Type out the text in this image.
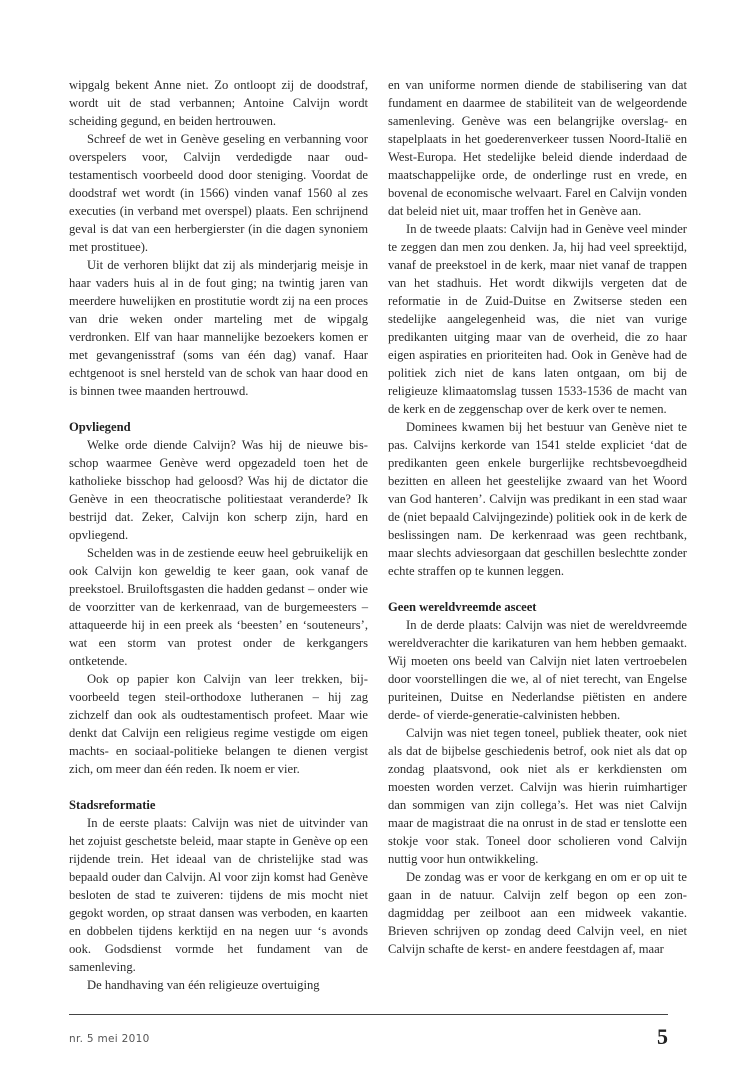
wipgalg bekent Anne niet. Zo ontloopt zij de doodstraf, wordt uit de stad verbannen; Antoine Calvijn wordt scheiding gegund, en beiden hertrouwen.

Schreef de wet in Genève geseling en verbanning voor overspelers voor, Calvijn verdedigde naar oudtestamentisch voorbeeld dood door steniging. Voordat de doodstraf wet wordt (in 1566) vinden vanaf 1560 al zes executies (in verband met overspel) plaats. Een schrijnend geval is dat van een herbergierster (in die dagen synoniem met prostituee).

Uit de verhoren blijkt dat zij als minderjarig meisje in haar vaders huis al in de fout ging; na twintig jaren van meerdere huwelijken en prostitutie wordt zij na een proces van drie weken onder marteling met de wipgalg verdronken. Elf van haar mannelijke bezoekers komen er met gevangenisstraf (soms van één dag) vanaf. Haar echtgenoot is snel hersteld van de schok van haar dood en is binnen twee maanden hertrouwd.

Opvliegend

Welke orde diende Calvijn? Was hij de nieuwe bisschop waarmee Genève werd opgezadeld toen het de katholieke bisschop had geloosd? Was hij de dictator die Genève in een theocratische politiestaat veranderde? Ik bestrijd dat. Zeker, Calvijn kon scherp zijn, hard en opvliegend.

Schelden was in de zestiende eeuw heel gebruikelijk en ook Calvijn kon geweldig te keer gaan, ook vanaf de preekstoel. Bruiloftsgasten die hadden gedanst – onder wie de voorzitter van de kerkenraad, van de burgemeesters – attaqueerde hij in een preek als ‘beesten’ en ‘souteneurs’, wat een storm van protest onder de kerkgangers ontketende.

Ook op papier kon Calvijn van leer trekken, bijvoorbeeld tegen steil-orthodoxe lutheranen – hij zag zichzelf dan ook als oudtestamentisch profeet. Maar wie denkt dat Calvijn een religieus regime vestigde om eigen machts- en sociaal-politieke belangen te dienen vergist zich, om meer dan één reden. Ik noem er vier.

Stadsreformatie

In de eerste plaats: Calvijn was niet de uitvinder van het zojuist geschetste beleid, maar stapte in Genève op een rijdende trein. Het ideaal van de christelijke stad was bepaald ouder dan Calvijn. Al voor zijn komst had Genève besloten de stad te zuiveren: tijdens de mis mocht niet gegokt worden, op straat dansen was verboden, en kaarten en dobbelen tijdens kerktijd en na negen uur ‘s avonds ook. Godsdienst vormde het fundament van de samenleving.

De handhaving van één religieuze overtuiging

en van uniforme normen diende de stabilisering van dat fundament en daarmee de stabiliteit van de welgeordende samenleving. Genève was een belangrijke overslag- en stapelplaats in het goederenverkeer tussen Noord-Italië en West-Europa. Het stedelijke beleid diende inderdaad de maatschappelijke orde, de onderlinge rust en vrede, en bovenal de economische welvaart. Farel en Calvijn vonden dat beleid niet uit, maar troffen het in Genève aan.

In de tweede plaats: Calvijn had in Genève veel minder te zeggen dan men zou denken. Ja, hij had veel spreektijd, vanaf de preekstoel in de kerk, maar niet vanaf de trappen van het stadhuis. Het wordt dikwijls vergeten dat de reformatie in de Zuid-Duitse en Zwitserse steden een stedelijke aangelegenheid was, die niet van vurige predikanten uitging maar van de overheid, die zo haar eigen aspiraties en prioriteiten had. Ook in Genève had de politiek zich niet de kans laten ontgaan, om bij de religieuze klimaatomslag tussen 1533-1536 de macht van de kerk en de zeggenschap over de kerk over te nemen.

Dominees kwamen bij het bestuur van Genève niet te pas. Calvijns kerkorde van 1541 stelde expliciet ‘dat de predikanten geen enkele burgerlijke rechtsbevoegdheid bezitten en alleen het geestelijke zwaard van het Woord van God hanteren’. Calvijn was predikant in een stad waar de (niet bepaald Calvijngezinde) politiek ook in de kerk de beslissingen nam. De kerkenraad was geen rechtbank, maar slechts adviesorgaan dat geschillen beslechtte zonder echte straffen op te kunnen leggen.

Geen wereldvreemde asceet

In de derde plaats: Calvijn was niet de wereldvreemde wereldverachter die karikaturen van hem hebben gemaakt. Wij moeten ons beeld van Calvijn niet laten vertroebelen door voorstellingen die we, al of niet terecht, van Engelse puriteinen, Duitse en Nederlandse piëtisten en andere derde- of vierde-generatie-calvinisten hebben.

Calvijn was niet tegen toneel, publiek theater, ook niet als dat de bijbelse geschiedenis betrof, ook niet als dat op zondag plaatsvond, ook niet als er kerkdiensten om moesten worden verzet. Calvijn was hierin ruimhartiger dan sommigen van zijn collega’s. Het was niet Calvijn maar de magistraat die na onrust in de stad er tenslotte een stokje voor stak. Toneel door scholieren vond Calvijn nuttig voor hun ontwikkeling.

De zondag was er voor de kerkgang en om er op uit te gaan in de natuur. Calvijn zelf begon op een zondagmiddag per zeilboot aan een midweek vakantie. Brieven schrijven op zondag deed Calvijn veel, en niet Calvijn schafte de kerst- en andere feestdagen af, maar

nr. 5 mei 2010	5
